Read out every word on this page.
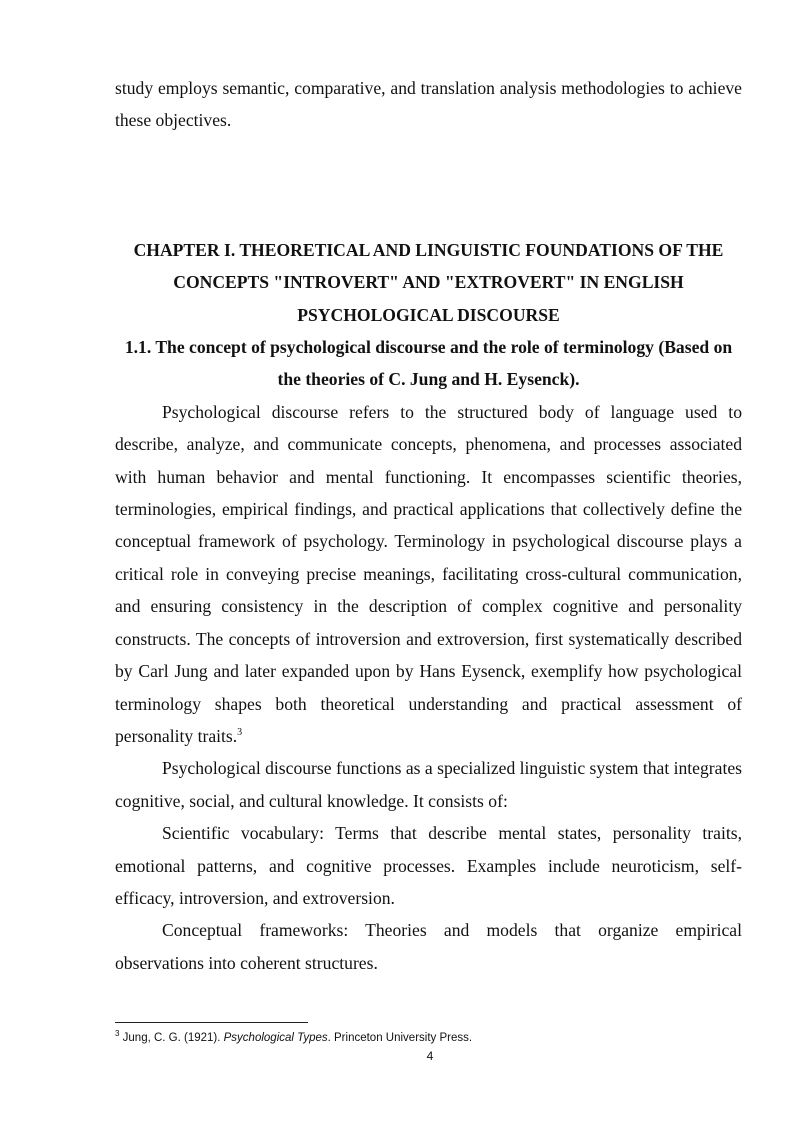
study employs semantic, comparative, and translation analysis methodologies to achieve these objectives.

CHAPTER I. THEORETICAL AND LINGUISTIC FOUNDATIONS OF THE CONCEPTS "INTROVERT" AND "EXTROVERT" IN ENGLISH PSYCHOLOGICAL DISCOURSE

1.1. The concept of psychological discourse and the role of terminology (Based on the theories of C. Jung and H. Eysenck).

Psychological discourse refers to the structured body of language used to describe, analyze, and communicate concepts, phenomena, and processes associated with human behavior and mental functioning. It encompasses scientific theories, terminologies, empirical findings, and practical applications that collectively define the conceptual framework of psychology. Terminology in psychological discourse plays a critical role in conveying precise meanings, facilitating cross-cultural communication, and ensuring consistency in the description of complex cognitive and personality constructs. The concepts of introversion and extroversion, first systematically described by Carl Jung and later expanded upon by Hans Eysenck, exemplify how psychological terminology shapes both theoretical understanding and practical assessment of personality traits.$^3$

Psychological discourse functions as a specialized linguistic system that integrates cognitive, social, and cultural knowledge. It consists of:

Scientific vocabulary: Terms that describe mental states, personality traits, emotional patterns, and cognitive processes. Examples include neuroticism, self-efficacy, introversion, and extroversion.

Conceptual frameworks: Theories and models that organize empirical observations into coherent structures.

$^3$ Jung, C. G. (1921). Psychological Types. Princeton University Press.
4
